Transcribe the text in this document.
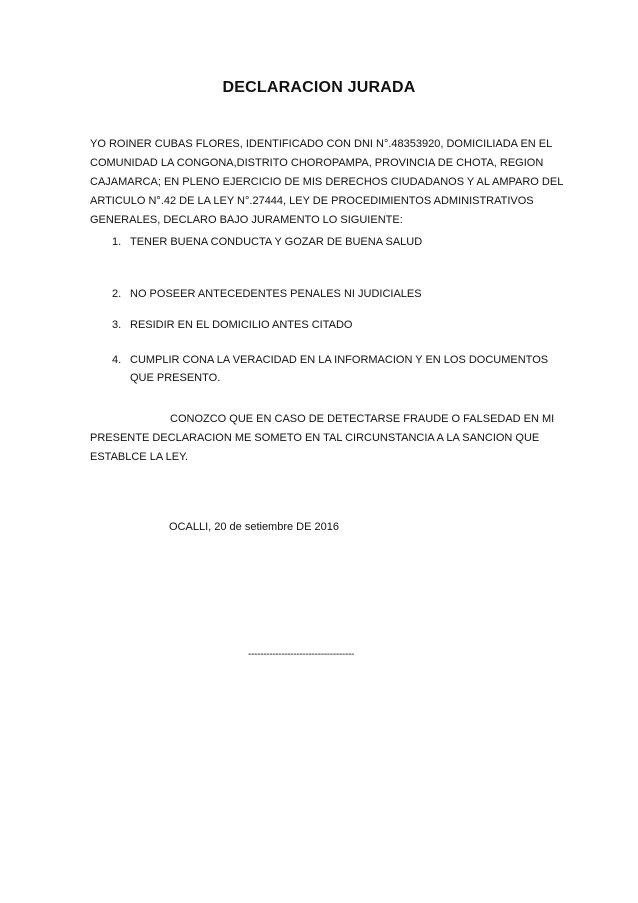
DECLARACION JURADA
YO ROINER CUBAS FLORES, IDENTIFICADO CON DNI N°.48353920, DOMICILIADA EN EL
COMUNIDAD LA CONGONA,DISTRITO CHOROPAMPA, PROVINCIA DE CHOTA, REGION
CAJAMARCA; EN PLENO EJERCICIO DE MIS DERECHOS CIUDADANOS Y AL AMPARO DEL
ARTICULO N°.42 DE LA LEY N°.27444, LEY DE PROCEDIMIENTOS ADMINISTRATIVOS
GENERALES, DECLARO BAJO JURAMENTO LO SIGUIENTE:
1. TENER BUENA CONDUCTA Y GOZAR DE BUENA SALUD
2. NO POSEER ANTECEDENTES PENALES NI JUDICIALES
3. RESIDIR EN EL DOMICILIO ANTES CITADO
4. CUMPLIR CONA LA VERACIDAD EN LA INFORMACION Y EN LOS DOCUMENTOS
QUE PRESENTO.
CONOZCO QUE EN CASO DE DETECTARSE FRAUDE O FALSEDAD EN MI
PRESENTE DECLARACION ME SOMETO EN TAL CIRCUNSTANCIA A LA SANCION QUE
ESTABLCE LA LEY.
OCALLI, 20 de setiembre DE 2016
-----------------------------------
